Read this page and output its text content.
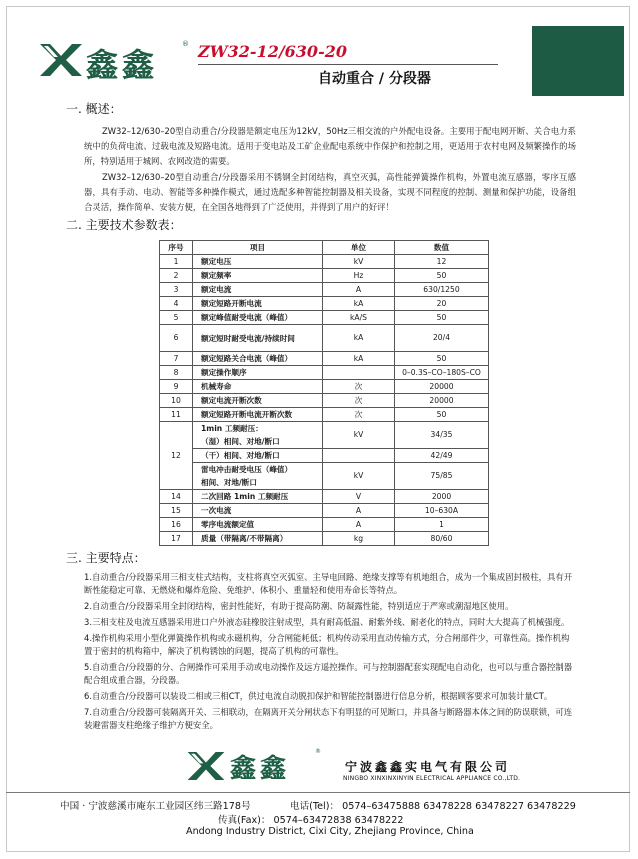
鑫鑫
® ZW32-12/630-20
自动重合 / 分段器
一. 概述：
ZW32–12/630–20型自动重合/分段器是额定电压为12kV，50Hz三相交流的户外配电设备。主要用于配电网开断、关合电力系统中的负荷电流、过载电流及短路电流。适用于变电站及工矿企业配电系统中作保护和控制之用，更适用于农村电网及频繁操作的场所，特别适用于城网、农网改造的需要。
ZW32–12/630–20型自动重合/分段器采用不锈钢全封闭结构，真空灭弧，高性能弹簧操作机构，外置电流互感器，零序互感器，具有手动、电动、智能等多种操作模式，通过选配多种智能控制器及相关设备，实现不同程度的控制、测量和保护功能，设备组合灵活，操作简单、安装方便，在全国各地得到了广泛使用，并得到了用户的好评！
二. 主要技术参数表：
序号	项目	单位	数值
1	额定电压	kV	12
2	额定频率	Hz	50
3	额定电流	A	630/1250
4	额定短路开断电流	kA	20
5	额定峰值耐受电流（峰值）	kA/S	50
6	额定短时耐受电流/持续时间	kA	20/4
7	额定短路关合电流（峰值）	kA	50
8	额定操作顺序		0–0.3S–CO–180S–CO
9	机械寿命	次	20000
10	额定电流开断次数	次	20000
11	额定短路开断电流开断次数	次	50
12	1min 工频耐压：
（湿）相间、对地/断口	kV	34/35
	（干）相间、对地/断口		42/49
	雷电冲击耐受电压（峰值）
相间、对地/断口	kV	75/85
14	二次回路 1min 工频耐压	V	2000
15	一次电流	A	10–630A
16	零序电流额定值	A	1
17	质量（带隔离/不带隔离）	kg	80/60
三. 主要特点：

1.自动重合/分段器采用三相支柱式结构，支柱将真空灭弧室、主导电回路、绝缘支撑等有机地组合，成为一个集成固封极柱，具有开断性能稳定可靠、无燃烧和爆炸危险、免维护、体积小、重量轻和使用寿命长等特点。

2.自动重合/分段器采用全封闭结构，密封性能好，有助于提高防潮、防凝露性能，特别适应于严寒或潮湿地区使用。

3.三相支柱及电流互感器采用进口户外液态硅橡胶注射成型，具有耐高低温、耐紫外线、耐老化的特点，同时大大提高了机械强度。

4.操作机构采用小型化弹簧操作机构或永磁机构，分合闸能耗低；机构传动采用直动传输方式，分合闸部件少，可靠性高。操作机构置于密封的机构箱中，解决了机构锈蚀的问题，提高了机构的可靠性。

5.自动重合/分段器的分、合闸操作可采用手动或电动操作及远方遥控操作。可与控制器配套实现配电自动化，也可以与重合器控制器配合组成重合器，分段器。

6.自动重合/分段器可以装设二相或三相CT，供过电流自动脱扣保护和智能控制器进行信息分析，根据顾客要求可加装计量CT。

7.自动重合/分段器可装隔离开关、三相联动，在隔离开关分闸状态下有明显的可见断口，并具备与断路器本体之间的防误联锁，可连装避雷器支柱绝缘子维护方便安全。

鑫鑫
®
宁波鑫鑫实电气有限公司
NINGBO XINXINXINYIN ELECTRICAL APPLIANCE CO.,LTD.
中国 · 宁波慈溪市庵东工业园区纬三路178号	电话(Tel)： 0574–63475888 63478228 63478227 63478229
传真(Fax)： 0574–63472838 63478222
Andong Industry District, Cixi City, Zhejiang Province, China
